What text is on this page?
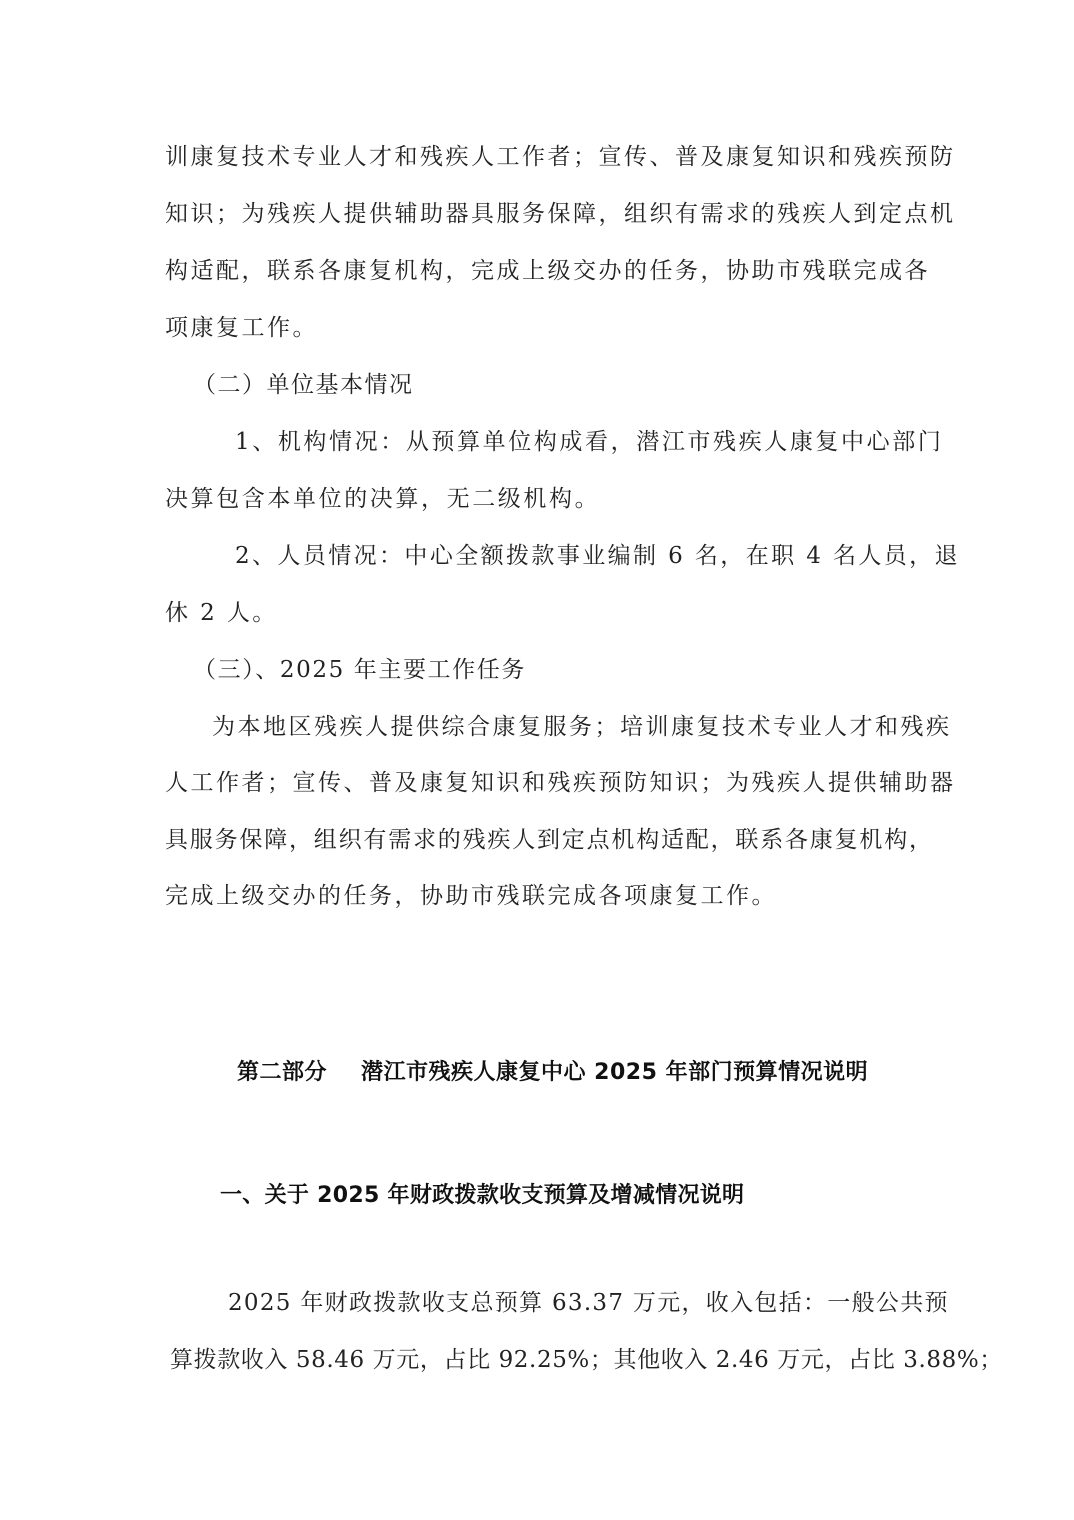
训康复技术专业人才和残疾人工作者；宣传、普及康复知识和残疾预防
知识；为残疾人提供辅助器具服务保障，组织有需求的残疾人到定点机
构适配，联系各康复机构，完成上级交办的任务，协助市残联完成各
项康复工作。
（二）单位基本情况
1、机构情况：从预算单位构成看，潜江市残疾人康复中心部门
决算包含本单位的决算，无二级机构。
2、人员情况：中心全额拨款事业编制 6 名，在职 4 名人员，退
休 2 人。
（三）、2025 年主要工作任务
为本地区残疾人提供综合康复服务；培训康复技术专业人才和残疾
人工作者；宣传、普及康复知识和残疾预防知识；为残疾人提供辅助器
具服务保障，组织有需求的残疾人到定点机构适配，联系各康复机构，
完成上级交办的任务，协助市残联完成各项康复工作。
第二部分 潜江市残疾人康复中心 2025 年部门预算情况说明
一、关于 2025 年财政拨款收支预算及增减情况说明
2025 年财政拨款收支总预算 63.37 万元，收入包括：一般公共预
算拨款收入 58.46 万元，占比 92.25%；其他收入 2.46 万元，占比 3.88%；
